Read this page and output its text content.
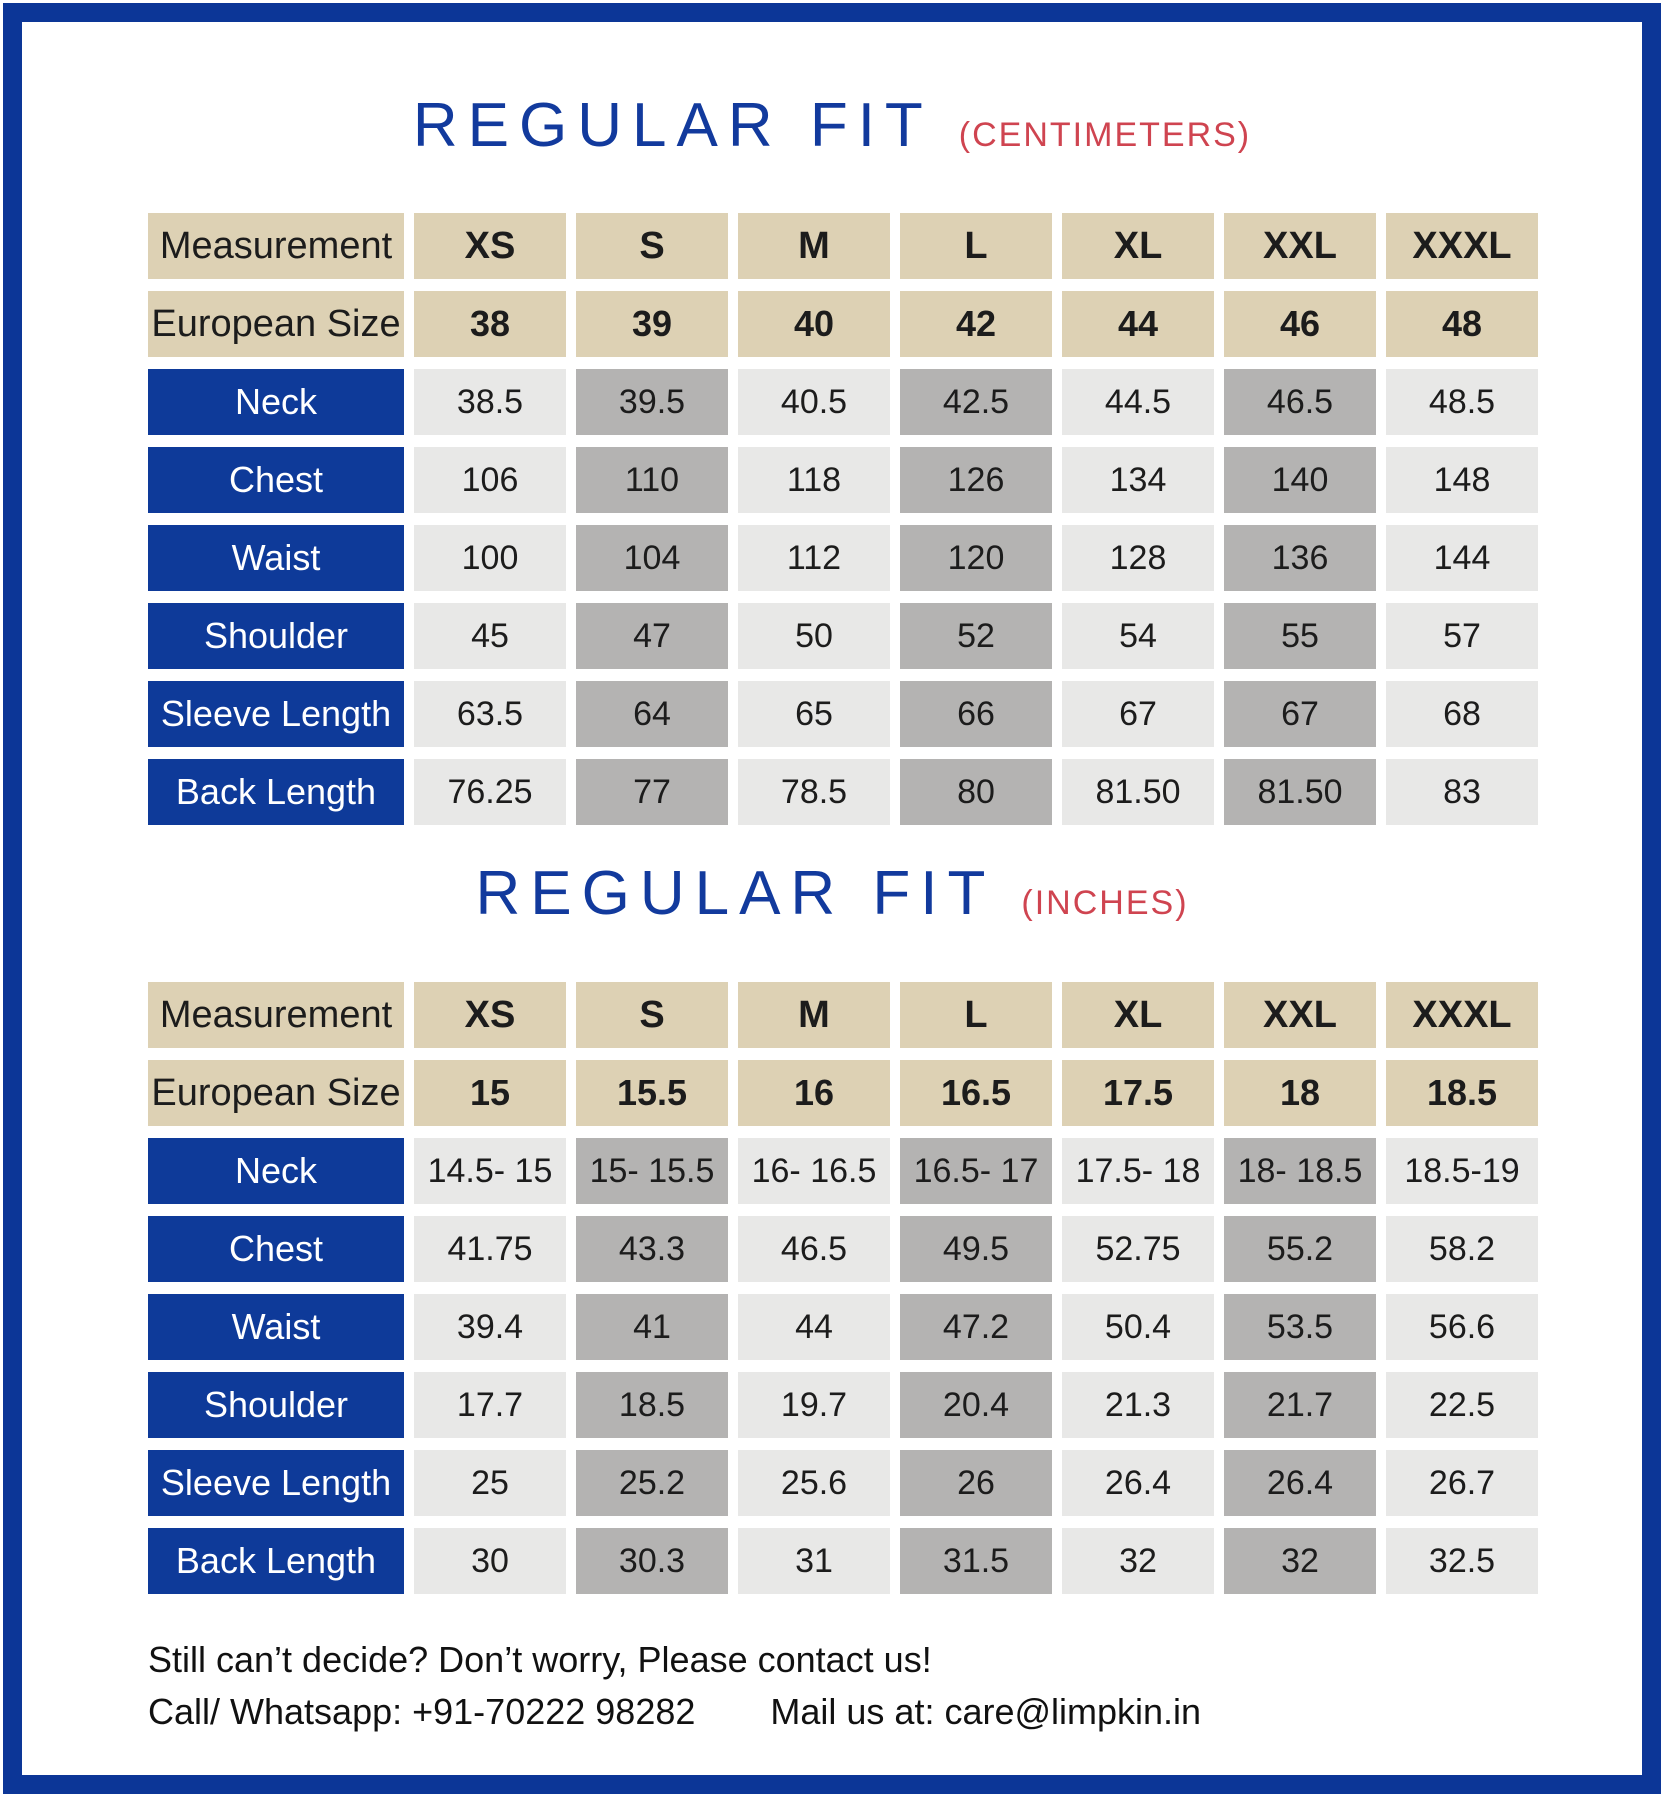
REGULAR FIT (CENTIMETERS)
Measurement	XS	S	M	L	XL	XXL	XXXL
European Size	38	39	40	42	44	46	48
Neck	38.5	39.5	40.5	42.5	44.5	46.5	48.5
Chest	106	110	118	126	134	140	148
Waist	100	104	112	120	128	136	144
Shoulder	45	47	50	52	54	55	57
Sleeve Length	63.5	64	65	66	67	67	68
Back Length	76.25	77	78.5	80	81.50	81.50	83
REGULAR FIT (INCHES)
Measurement	XS	S	M	L	XL	XXL	XXXL
European Size	15	15.5	16	16.5	17.5	18	18.5
Neck	14.5- 15	15- 15.5	16- 16.5	16.5- 17	17.5- 18	18- 18.5	18.5-19
Chest	41.75	43.3	46.5	49.5	52.75	55.2	58.2
Waist	39.4	41	44	47.2	50.4	53.5	56.6
Shoulder	17.7	18.5	19.7	20.4	21.3	21.7	22.5
Sleeve Length	25	25.2	25.6	26	26.4	26.4	26.7
Back Length	30	30.3	31	31.5	32	32	32.5
Still can’t decide? Don’t worry, Please contact us!
Call/ Whatsapp: +91-70222 98282 Mail us at: care@limpkin.in
